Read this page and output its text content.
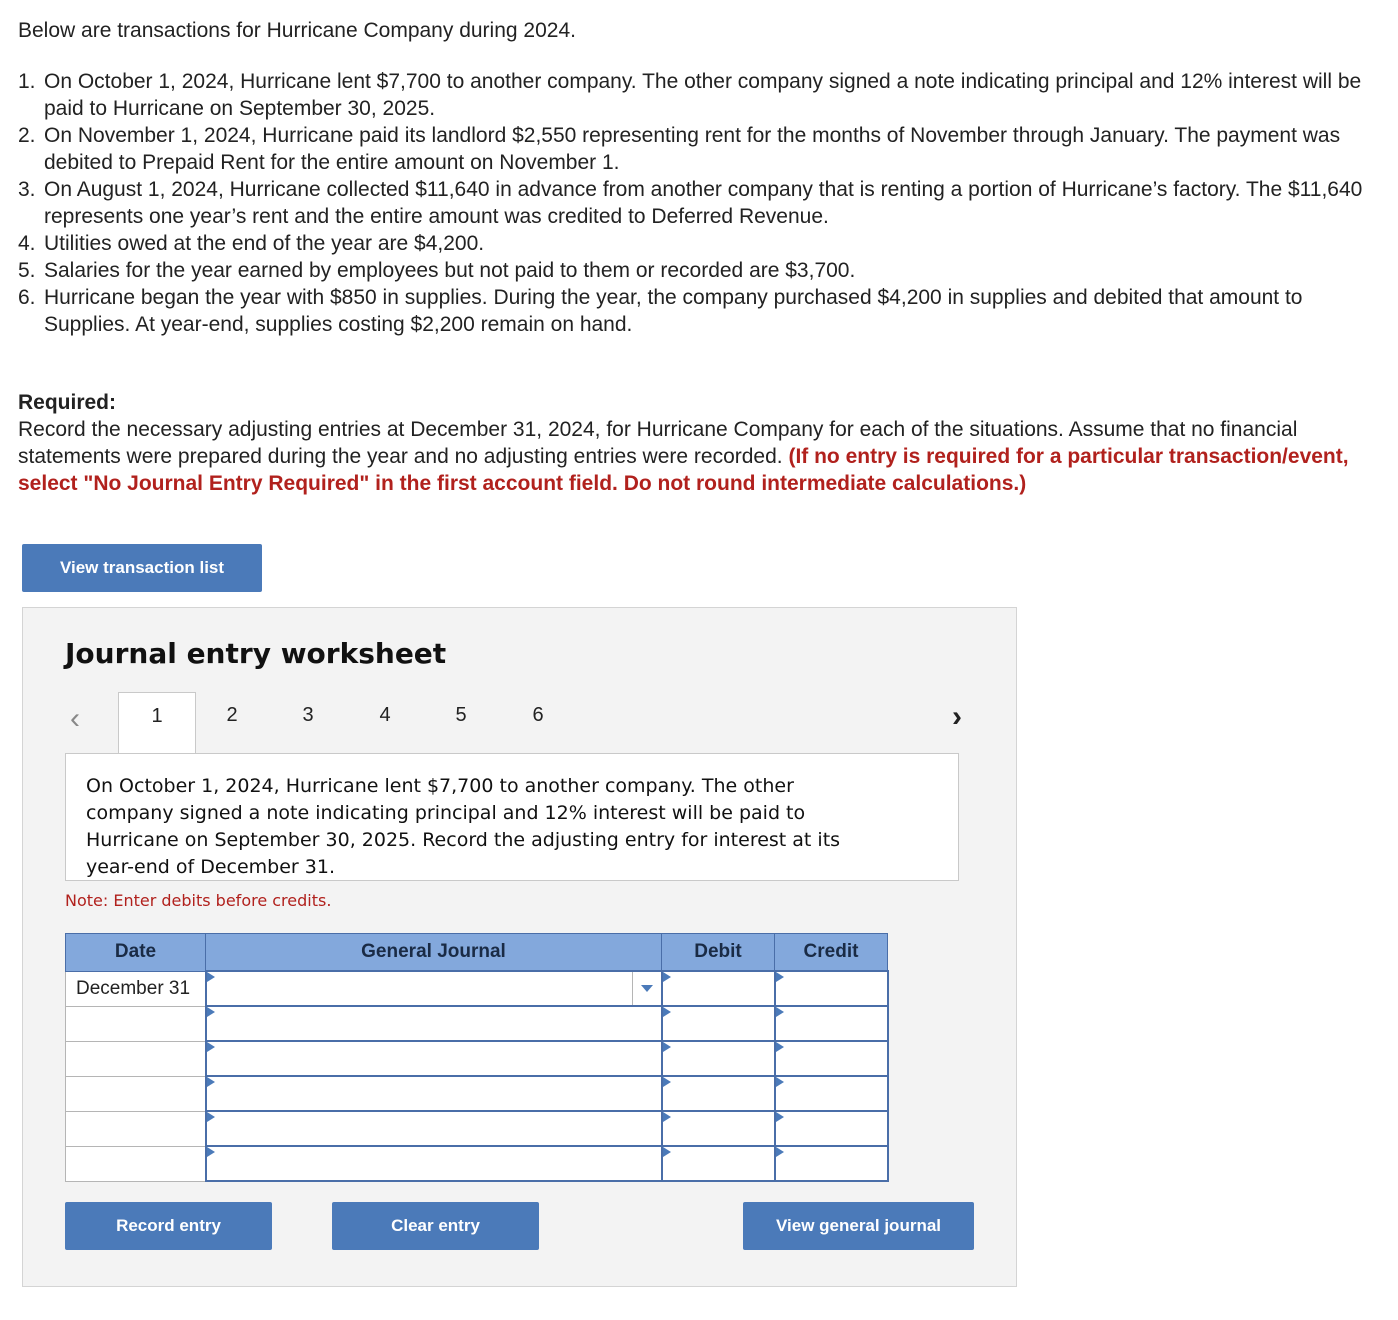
Below are transactions for Hurricane Company during 2024.
1. On October 1, 2024, Hurricane lent $7,700 to another company. The other company signed a note indicating principal and 12% interest will be paid to Hurricane on September 30, 2025.
2. On November 1, 2024, Hurricane paid its landlord $2,550 representing rent for the months of November through January. The payment was debited to Prepaid Rent for the entire amount on November 1.
3. On August 1, 2024, Hurricane collected $11,640 in advance from another company that is renting a portion of Hurricane’s factory. The $11,640 represents one year’s rent and the entire amount was credited to Deferred Revenue.
4. Utilities owed at the end of the year are $4,200.
5. Salaries for the year earned by employees but not paid to them or recorded are $3,700.
6. Hurricane began the year with $850 in supplies. During the year, the company purchased $4,200 in supplies and debited that amount to Supplies. At year-end, supplies costing $2,200 remain on hand.
Required:
Record the necessary adjusting entries at December 31, 2024, for Hurricane Company for each of the situations. Assume that no financial statements were prepared during the year and no adjusting entries were recorded. (If no entry is required for a particular transaction/event, select "No Journal Entry Required" in the first account field. Do not round intermediate calculations.)
View transaction list
Journal entry worksheet
‹	1	2	3	4	5	6	›
On October 1, 2024, Hurricane lent $7,700 to another company. The other company signed a note indicating principal and 12% interest will be paid to Hurricane on September 30, 2025. Record the adjusting entry for interest at its year-end of December 31.
Note: Enter debits before credits.
Date	General Journal	Debit	Credit
December 31	

Record entry	Clear entry	View general journal
